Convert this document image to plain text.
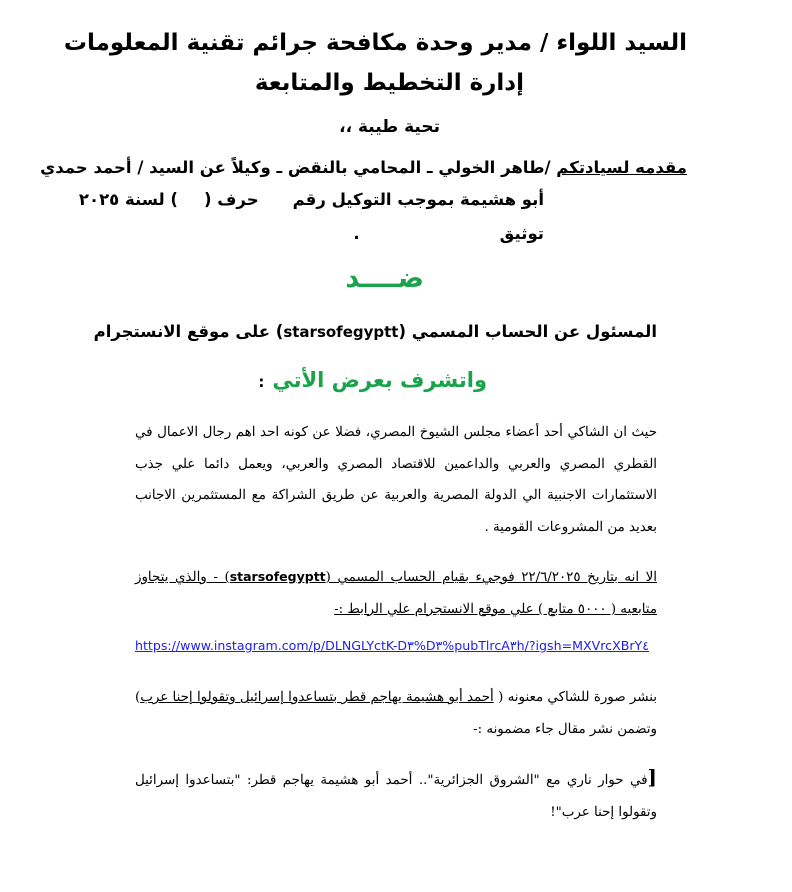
السيد اللواء / مدير وحدة مكافحة جرائم تقنية المعلومات
إدارة التخطيط والمتابعة
تحية طيبة ،،
مقدمه لسيادتكم /طاهر الخولي ـ المحامي بالنقض ـ وكيلاً عن السيد / أحمد حمدي
أبو هشيمة بموجب التوكيل رقمحرف () لسنة ٢٠٢٥
توثيق.
ضــــد
المسئول عن الحساب المسمي (starsofegyptt) على موقع الانستجرام
واتشرف بعرض الأتي:
حيث ان الشاكي أحد أعضاء مجلس الشيوخ المصري، فضلا عن كونه احد اهم رجال الاعمال في القطري المصري والعربي والداعمين للاقتصاد المصري والعربي، ويعمل دائما علي جذب الاستثمارات الاجنبية الي الدولة المصرية والعربية عن طريق الشراكة مع المستثمرين الاجانب بعديد من المشروعات القومية .
الا انه بتاريخ ٢٢/٦/٢٠٢٥ فوجيء بقيام الحساب المسمي (starsofegyptt) - والذي يتجاوز متابعيه ( ٥٠٠٠ متابع ) علي موقع الانستجرام علي الرابط :-
https://www.instagram.com/p/DLNGLYctK-D٣%D٣%pubTlrcA٣h/?igsh=MXVrcXBrY٤
بنشر صورة للشاكي معنونه ( أحمد أبو هشيمة يهاجم قطر بتساعدوا إسرائيل وتقولوا إحنا عرب) وتضمن نشر مقال جاء مضمونه :-
[في حوار ناري مع "الشروق الجزائرية".. أحمد أبو هشيمة يهاجم قطر: "بتساعدوا إسرائيل وتقولوا إحنا عرب"!
